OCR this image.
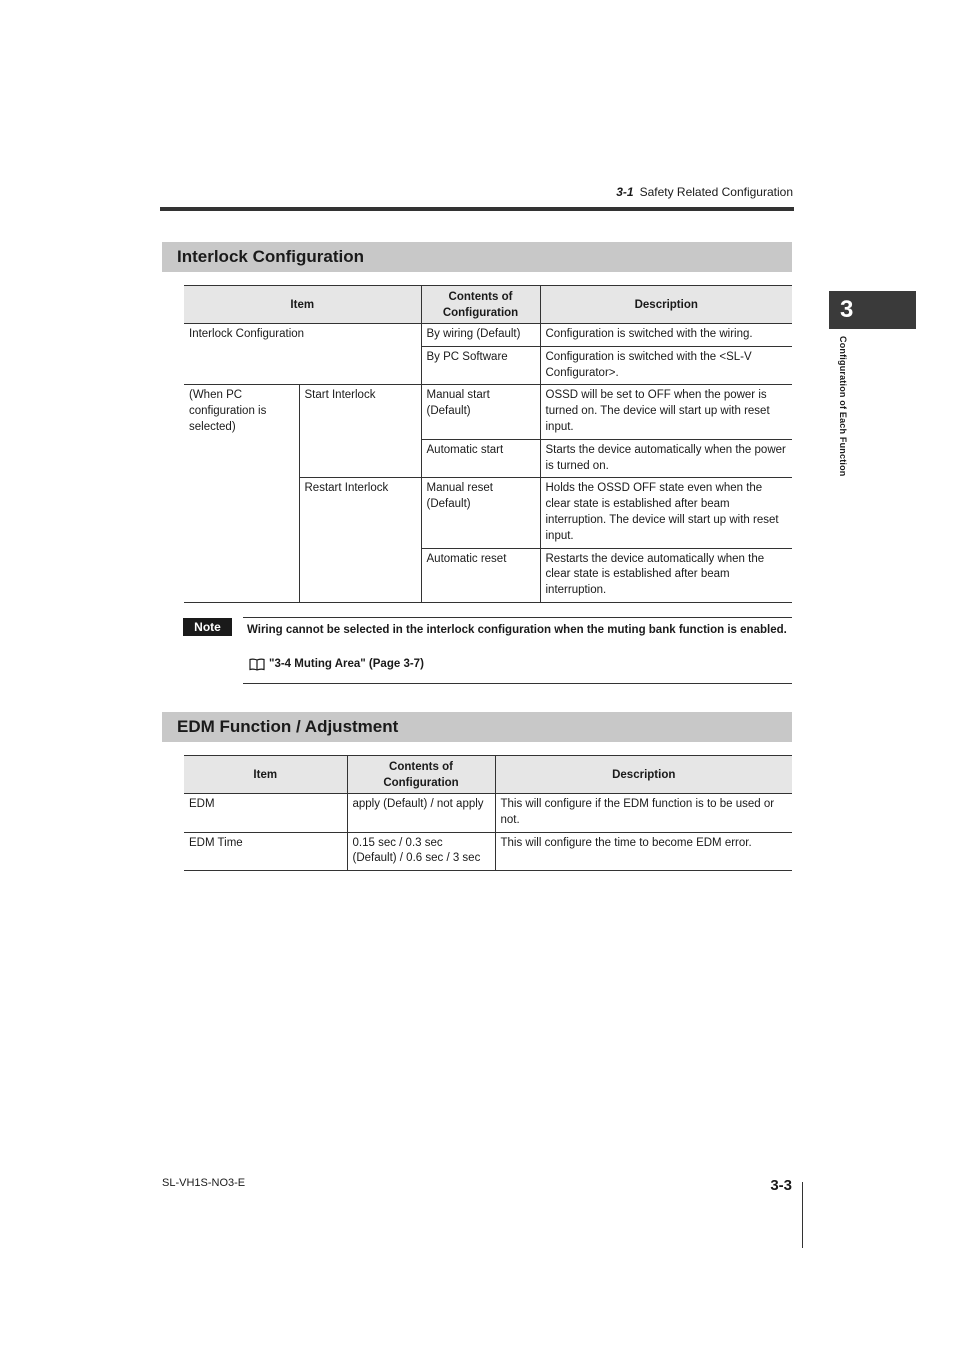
3-1 Safety Related Configuration
3
Configuration of Each Function
Interlock Configuration
Item		Contents of Configuration	Description
Interlock Configuration		By wiring (Default)	Configuration is switched with the wiring.
		By PC Software	Configuration is switched with the <SL-V Configurator>.
(When PC configuration is selected)	Start Interlock	Manual start (Default)	OSSD will be set to OFF when the power is turned on. The device will start up with reset input.
		Automatic start	Starts the device automatically when the power is turned on.
	Restart Interlock	Manual reset (Default)	Holds the OSSD OFF state even when the clear state is established after beam interruption. The device will start up with reset input.
		Automatic reset	Restarts the device automatically when the clear state is established after beam interruption.
Note	Wiring cannot be selected in the interlock configuration when the muting bank function is enabled.
"3-4 Muting Area" (Page 3-7)
EDM Function / Adjustment
Item	Contents of Configuration	Description
EDM	apply (Default) / not apply	This will configure if the EDM function is to be used or not.
EDM Time	0.15 sec / 0.3 sec (Default) / 0.6 sec / 3 sec	This will configure the time to become EDM error.
SL-VH1S-NO3-E	3-3
